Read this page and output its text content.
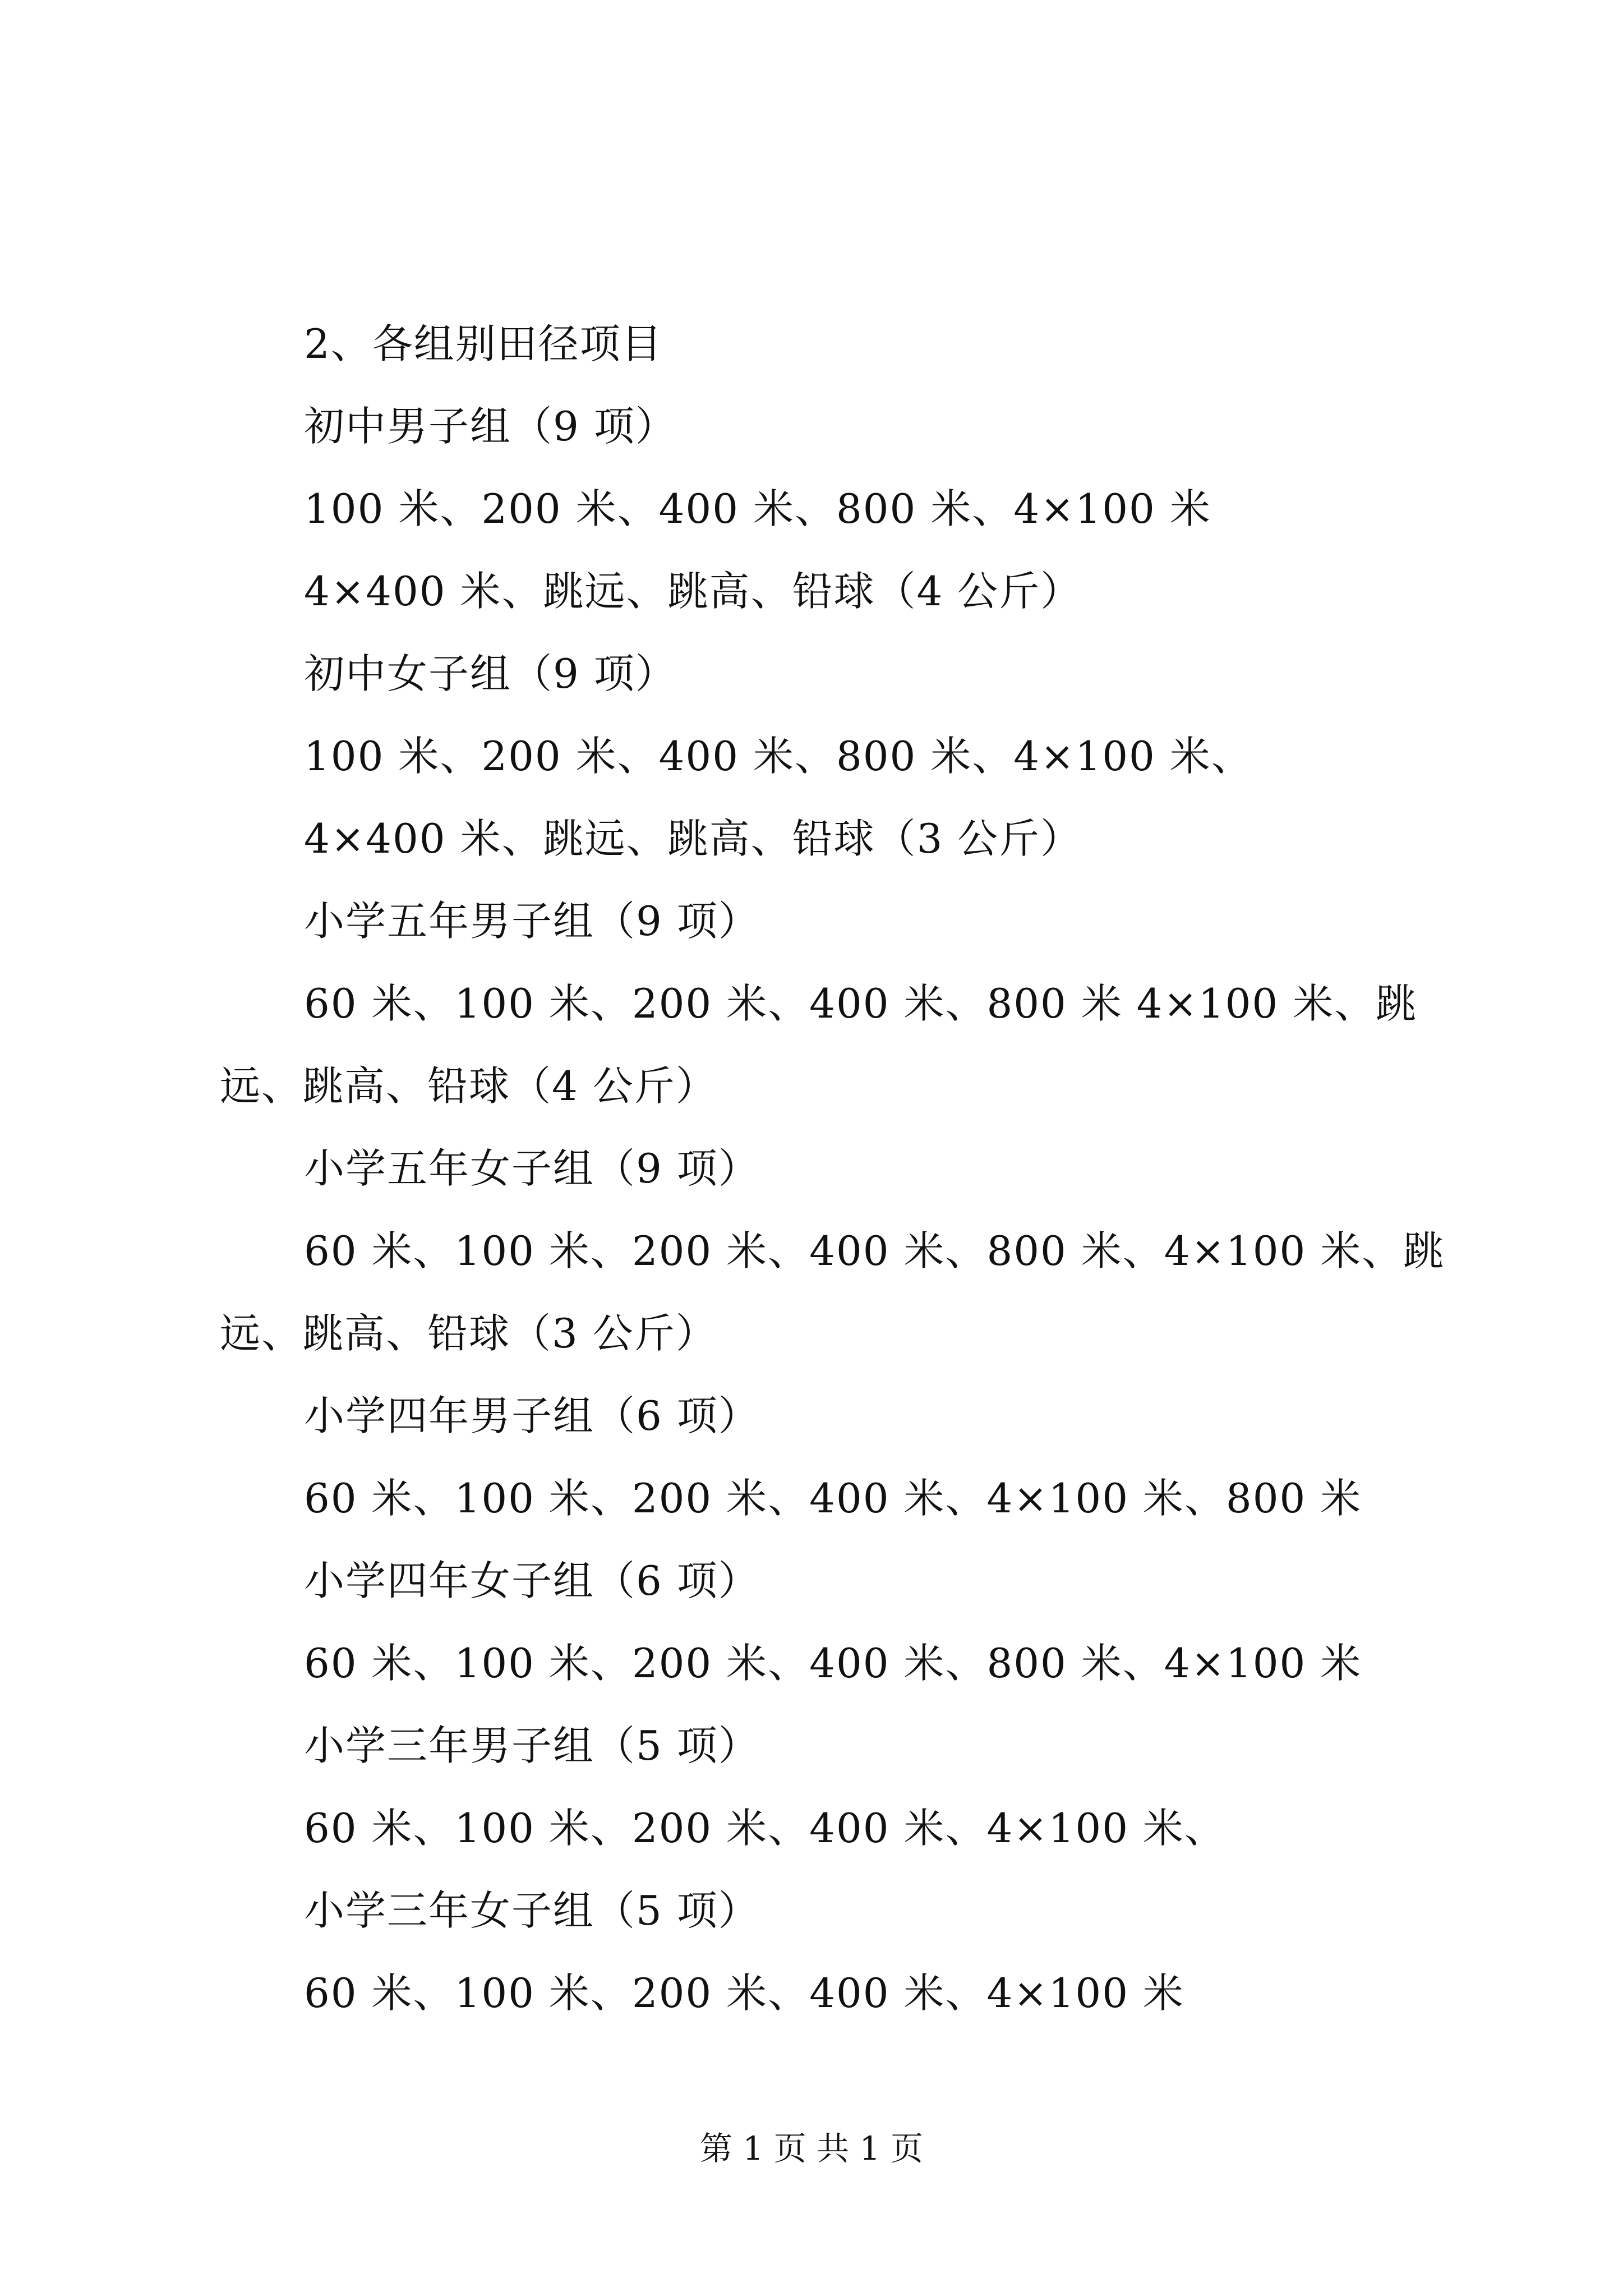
2、各组别田径项目
初中男子组（9 项）
100 米、200 米、400 米、800 米、4×100 米
4×400 米、跳远、跳高、铅球（4 公斤）
初中女子组（9 项）
100 米、200 米、400 米、800 米、4×100 米、
4×400 米、跳远、跳高、铅球（3 公斤）
小学五年男子组（9 项）
60 米、100 米、200 米、400 米、800 米 4×100 米、跳远、跳高、铅球（4 公斤）
小学五年女子组（9 项）
60 米、100 米、200 米、400 米、800 米、4×100 米、跳远、跳高、铅球（3 公斤）
小学四年男子组（6 项）
60 米、100 米、200 米、400 米、4×100 米、800 米
小学四年女子组（6 项）
60 米、100 米、200 米、400 米、800 米、4×100 米
小学三年男子组（5 项）
60 米、100 米、200 米、400 米、4×100 米、
小学三年女子组（5 项）
60 米、100 米、200 米、400 米、4×100 米
第 1 页 共 1 页
